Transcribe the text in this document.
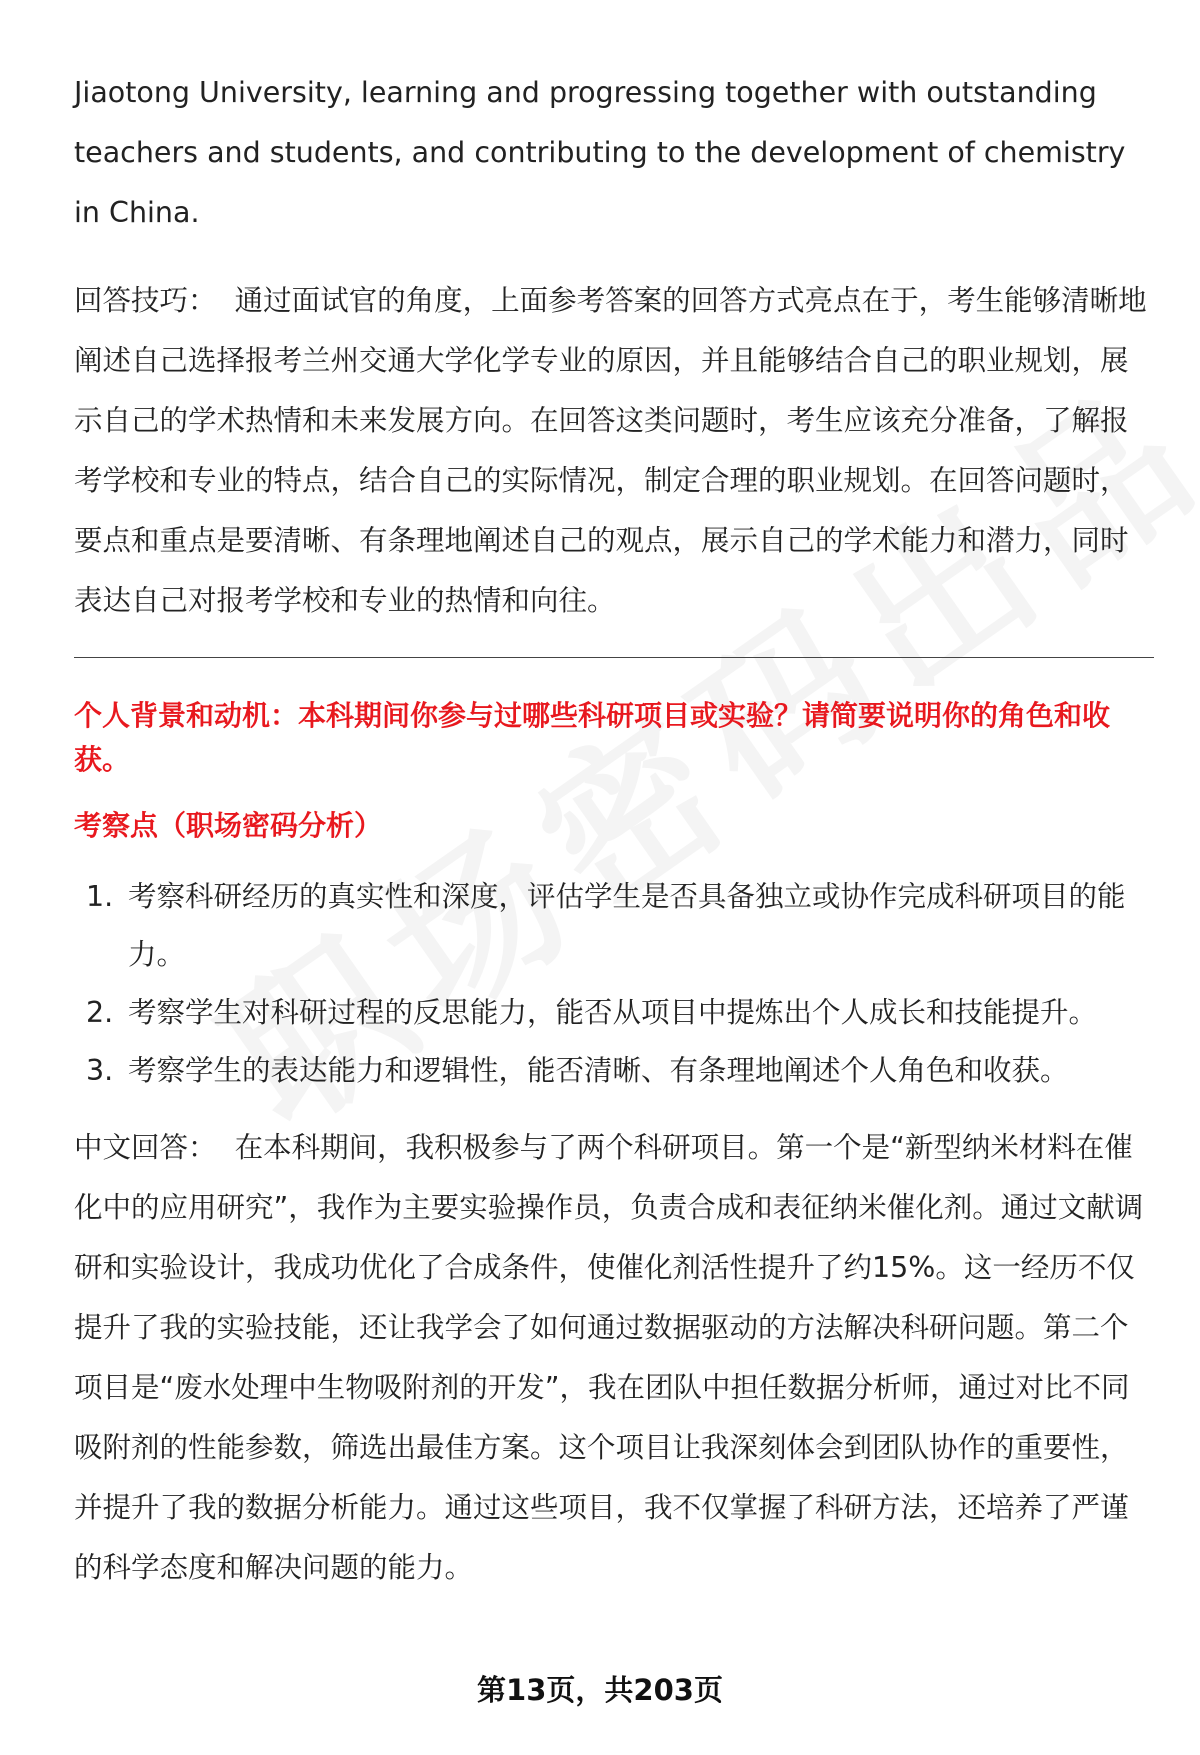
Jiaotong University, learning and progressing together with outstanding teachers and students, and contributing to the development of chemistry in China.

回答技巧： 通过面试官的角度，上面参考答案的回答方式亮点在于，考生能够清晰地阐述自己选择报考兰州交通大学化学专业的原因，并且能够结合自己的职业规划，展示自己的学术热情和未来发展方向。在回答这类问题时，考生应该充分准备，了解报考学校和专业的特点，结合自己的实际情况，制定合理的职业规划。在回答问题时，要点和重点是要清晰、有条理地阐述自己的观点，展示自己的学术能力和潜力，同时表达自己对报考学校和专业的热情和向往。

个人背景和动机：本科期间你参与过哪些科研项目或实验？请简要说明你的角色和收获。

考察点（职场密码分析）

1. 考察科研经历的真实性和深度，评估学生是否具备独立或协作完成科研项目的能力。
2. 考察学生对科研过程的反思能力，能否从项目中提炼出个人成长和技能提升。
3. 考察学生的表达能力和逻辑性，能否清晰、有条理地阐述个人角色和收获。

中文回答： 在本科期间，我积极参与了两个科研项目。第一个是“新型纳米材料在催化中的应用研究”，我作为主要实验操作员，负责合成和表征纳米催化剂。通过文献调研和实验设计，我成功优化了合成条件，使催化剂活性提升了约15%。这一经历不仅提升了我的实验技能，还让我学会了如何通过数据驱动的方法解决科研问题。第二个项目是“废水处理中生物吸附剂的开发”，我在团队中担任数据分析师，通过对比不同吸附剂的性能参数，筛选出最佳方案。这个项目让我深刻体会到团队协作的重要性，并提升了我的数据分析能力。通过这些项目，我不仅掌握了科研方法，还培养了严谨的科学态度和解决问题的能力。

第13页，共203页
